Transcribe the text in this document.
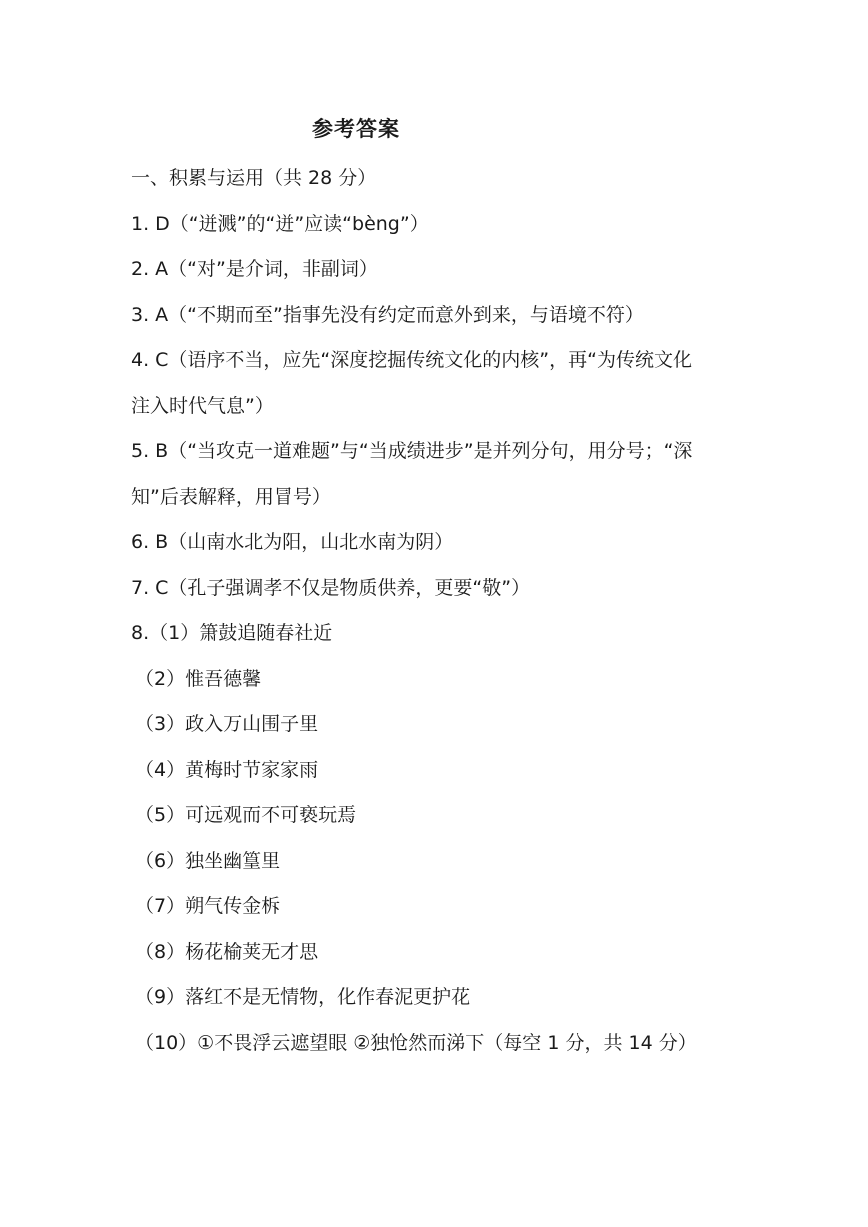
参考答案
一、积累与运用（共 28 分）
1. D（“迸溅”的“迸”应读“bèng”）
2. A（“对”是介词，非副词）
3. A（“不期而至”指事先没有约定而意外到来，与语境不符）
4. C（语序不当，应先“深度挖掘传统文化的内核”，再“为传统文化
注入时代气息”）
5. B（“当攻克一道难题”与“当成绩进步”是并列分句，用分号；“深
知”后表解释，用冒号）
6. B（山南水北为阳，山北水南为阴）
7. C（孔子强调孝不仅是物质供养，更要“敬”）
8.（1）箫鼓追随春社近
（2）惟吾德馨
（3）政入万山围子里
（4）黄梅时节家家雨
（5）可远观而不可亵玩焉
（6）独坐幽篁里
（7）朔气传金柝
（8）杨花榆荚无才思
（9）落红不是无情物，化作春泥更护花
（10）①不畏浮云遮望眼 ②独怆然而涕下（每空 1 分，共 14 分）
